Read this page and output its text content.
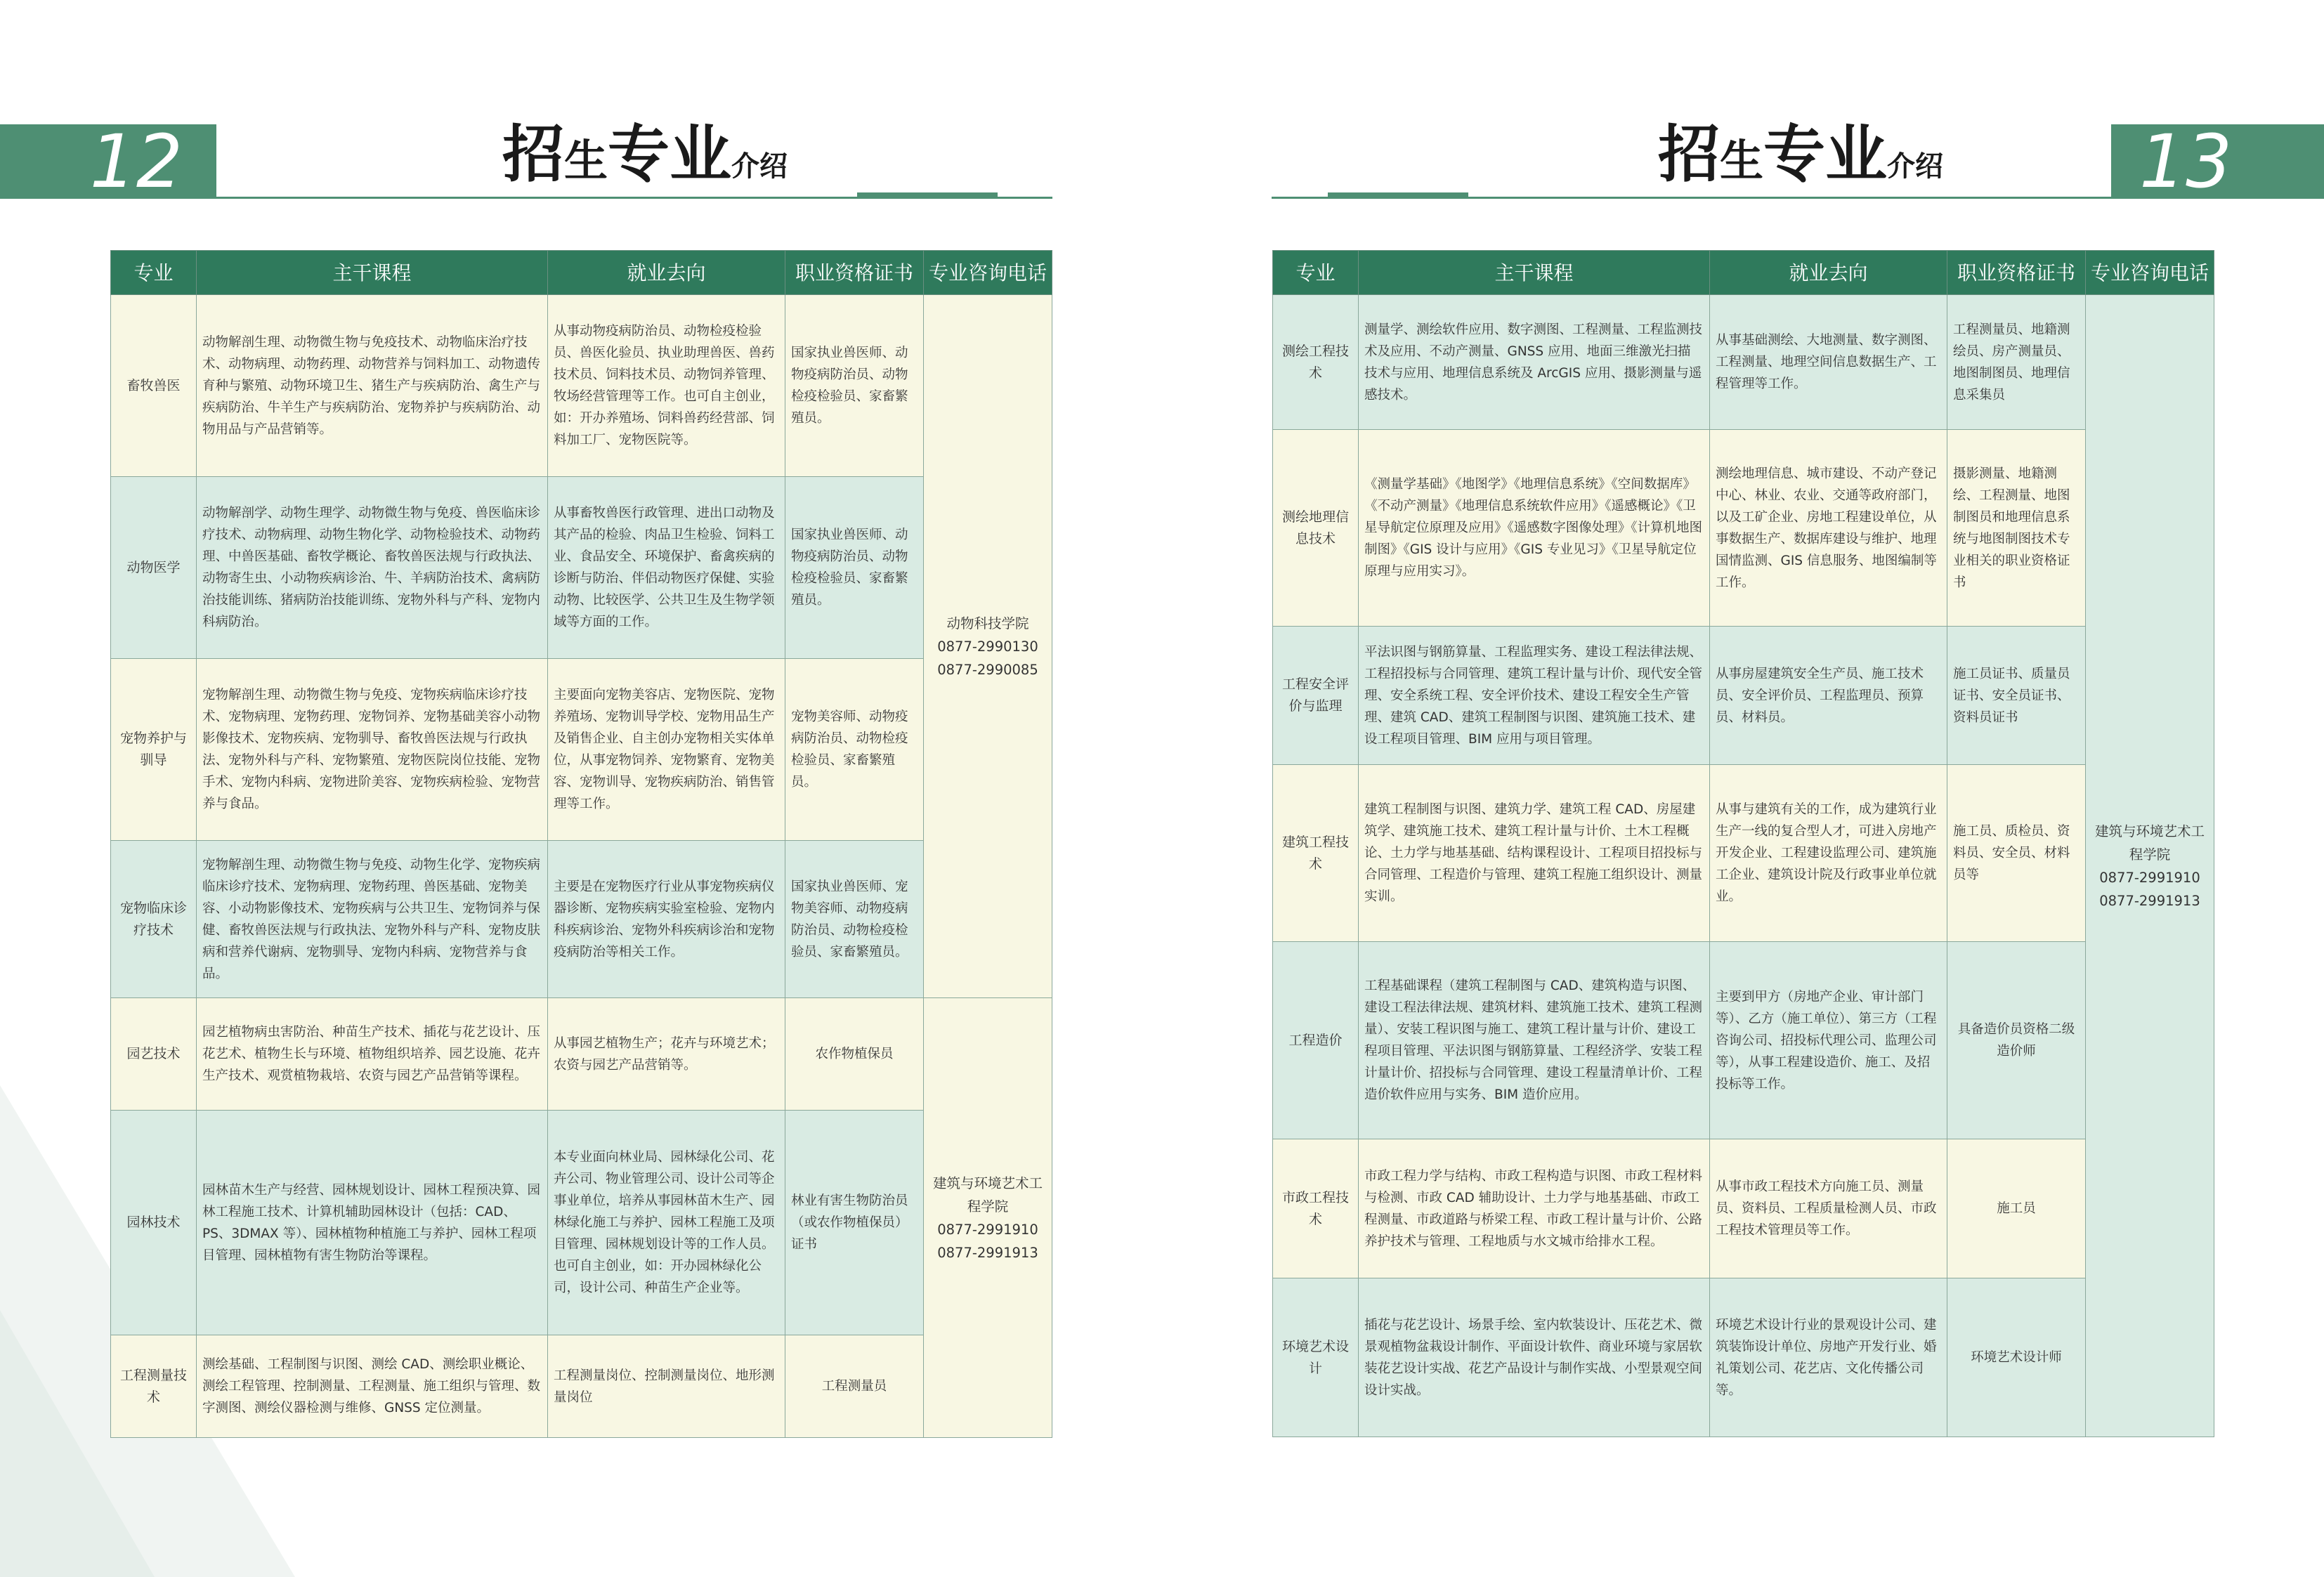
12	招生专业介绍	13
招生专业介绍
专业	主干课程	就业去向	职业资格证书	专业咨询电话
畜牧兽医	动物解剖生理、动物微生物与免疫技术、动物临床治疗技术、动物病理、动物药理、动物营养与饲料加工、动物遗传育种与繁殖、动物环境卫生、猪生产与疾病防治、禽生产与疾病防治、牛羊生产与疾病防治、宠物养护与疾病防治、动物用品与产品营销等。	从事动物疫病防治员、动物检疫检验员、兽医化验员、执业助理兽医、兽药技术员、饲料技术员、动物饲养管理、牧场经营管理等工作。也可自主创业，如：开办养殖场、饲料兽药经营部、饲料加工厂、宠物医院等。	国家执业兽医师、动物疫病防治员、动物检疫检验员、家畜繁殖员。	动物科技学院
0877-2990130
0877-2990085

动物医学	动物解剖学、动物生理学、动物微生物与免疫、兽医临床诊疗技术、动物病理、动物生物化学、动物检验技术、动物药理、中兽医基础、畜牧学概论、畜牧兽医法规与行政执法、动物寄生虫、小动物疾病诊治、牛、羊病防治技术、禽病防治技能训练、猪病防治技能训练、宠物外科与产科、宠物内科病防治。	从事畜牧兽医行政管理、进出口动物及其产品的检验、肉品卫生检验、饲料工业、食品安全、环境保护、畜禽疾病的诊断与防治、伴侣动物医疗保健、实验动物、比较医学、公共卫生及生物学领域等方面的工作。	国家执业兽医师、动物疫病防治员、动物检疫检验员、家畜繁殖员。	
宠物养护与驯导	宠物解剖生理、动物微生物与免疫、宠物疾病临床诊疗技术、宠物病理、宠物药理、宠物饲养、宠物基础美容小动物影像技术、宠物疾病、宠物驯导、畜牧兽医法规与行政执法、宠物外科与产科、宠物繁殖、宠物医院岗位技能、宠物手术、宠物内科病、宠物进阶美容、宠物疾病检验、宠物营养与食品。	主要面向宠物美容店、宠物医院、宠物养殖场、宠物训导学校、宠物用品生产及销售企业、自主创办宠物相关实体单位，从事宠物饲养、宠物繁育、宠物美容、宠物训导、宠物疾病防治、销售管理等工作。	宠物美容师、动物疫病防治员、动物检疫检验员、家畜繁殖员。	
宠物临床诊疗技术	宠物解剖生理、动物微生物与免疫、动物生化学、宠物疾病临床诊疗技术、宠物病理、宠物药理、兽医基础、宠物美容、小动物影像技术、宠物疾病与公共卫生、宠物饲养与保健、畜牧兽医法规与行政执法、宠物外科与产科、宠物皮肤病和营养代谢病、宠物驯导、宠物内科病、宠物营养与食品。	主要是在宠物医疗行业从事宠物疾病仪器诊断、宠物疾病实验室检验、宠物内科疾病诊治、宠物外科疾病诊治和宠物疫病防治等相关工作。	国家执业兽医师、宠物美容师、动物疫病防治员、动物检疫检验员、家畜繁殖员。	
园艺技术	园艺植物病虫害防治、种苗生产技术、插花与花艺设计、压花艺术、植物生长与环境、植物组织培养、园艺设施、花卉生产技术、观赏植物栽培、农资与园艺产品营销等课程。	从事园艺植物生产；花卉与环境艺术；农资与园艺产品营销等。	农作物植保员	建筑与环境艺术工程学院
0877-2991910
0877-2991913

园林技术	园林苗木生产与经营、园林规划设计、园林工程预决算、园林工程施工技术、计算机辅助园林设计（包括：CAD、PS、3DMAX 等）、园林植物种植施工与养护、园林工程项目管理、园林植物有害生物防治等课程。	本专业面向林业局、园林绿化公司、花卉公司、物业管理公司、设计公司等企事业单位，培养从事园林苗木生产、园林绿化施工与养护、园林工程施工及项目管理、园林规划设计等的工作人员。也可自主创业，如：开办园林绿化公司，设计公司、种苗生产企业等。	林业有害生物防治员（或农作物植保员）证书	
工程测量技术	测绘基础、工程制图与识图、测绘 CAD、测绘职业概论、测绘工程管理、控制测量、工程测量、施工组织与管理、数字测图、测绘仪器检测与维修、GNSS 定位测量。	工程测量岗位、控制测量岗位、地形测量岗位	工程测量员	
专业	主干课程	就业去向	职业资格证书	专业咨询电话
测绘工程技术	测量学、测绘软件应用、数字测图、工程测量、工程监测技术及应用、不动产测量、GNSS 应用、地面三维激光扫描技术与应用、地理信息系统及 ArcGIS 应用、摄影测量与遥感技术。	从事基础测绘、大地测量、数字测图、工程测量、地理空间信息数据生产、工程管理等工作。	工程测量员、地籍测绘员、房产测量员、地图制图员、地理信息采集员	建筑与环境艺术工程学院
0877-2991910
0877-2991913

测绘地理信息技术	《测量学基础》《地图学》《地理信息系统》《空间数据库》《不动产测量》《地理信息系统软件应用》《遥感概论》《卫星导航定位原理及应用》《遥感数字图像处理》《计算机地图制图》《GIS 设计与应用》《GIS 专业见习》《卫星导航定位原理与应用实习》。	测绘地理信息、城市建设、不动产登记中心、林业、农业、交通等政府部门，以及工矿企业、房地工程建设单位，从事数据生产、数据库建设与维护、地理国情监测、GIS 信息服务、地图编制等工作。	摄影测量、地籍测绘、工程测量、地图制图员和地理信息系统与地图制图技术专业相关的职业资格证书	
工程安全评价与监理	平法识图与钢筋算量、工程监理实务、建设工程法律法规、工程招投标与合同管理、建筑工程计量与计价、现代安全管理、安全系统工程、安全评价技术、建设工程安全生产管理、建筑 CAD、建筑工程制图与识图、建筑施工技术、建设工程项目管理、BIM 应用与项目管理。	从事房屋建筑安全生产员、施工技术员、安全评价员、工程监理员、预算员、材料员。	施工员证书、质量员证书、安全员证书、资料员证书	
建筑工程技术	建筑工程制图与识图、建筑力学、建筑工程 CAD、房屋建筑学、建筑施工技术、建筑工程计量与计价、土木工程概论、土力学与地基基础、结构课程设计、工程项目招投标与合同管理、工程造价与管理、建筑工程施工组织设计、测量实训。	从事与建筑有关的工作，成为建筑行业生产一线的复合型人才，可进入房地产开发企业、工程建设监理公司、建筑施工企业、建筑设计院及行政事业单位就业。	施工员、质检员、资料员、安全员、材料员等	
工程造价	工程基础课程（建筑工程制图与 CAD、建筑构造与识图、建设工程法律法规、建筑材料、建筑施工技术、建筑工程测量）、安装工程识图与施工、建筑工程计量与计价、建设工程项目管理、平法识图与钢筋算量、工程经济学、安装工程计量计价、招投标与合同管理、建设工程量清单计价、工程造价软件应用与实务、BIM 造价应用。	主要到甲方（房地产企业、审计部门等）、乙方（施工单位）、第三方（工程咨询公司、招投标代理公司、监理公司等），从事工程建设造价、施工、及招投标等工作。	具备造价员资格二级造价师	
市政工程技术	市政工程力学与结构、市政工程构造与识图、市政工程材料与检测、市政 CAD 辅助设计、土力学与地基基础、市政工程测量、市政道路与桥梁工程、市政工程计量与计价、公路养护技术与管理、工程地质与水文城市给排水工程。	从事市政工程技术方向施工员、测量员、资料员、工程质量检测人员、市政工程技术管理员等工作。	施工员	
环境艺术设计	插花与花艺设计、场景手绘、室内软装设计、压花艺术、微景观植物盆栽设计制作、平面设计软件、商业环境与家居软装花艺设计实战、花艺产品设计与制作实战、小型景观空间设计实战。	环境艺术设计行业的景观设计公司、建筑装饰设计单位、房地产开发行业、婚礼策划公司、花艺店、文化传播公司等。	环境艺术设计师	
